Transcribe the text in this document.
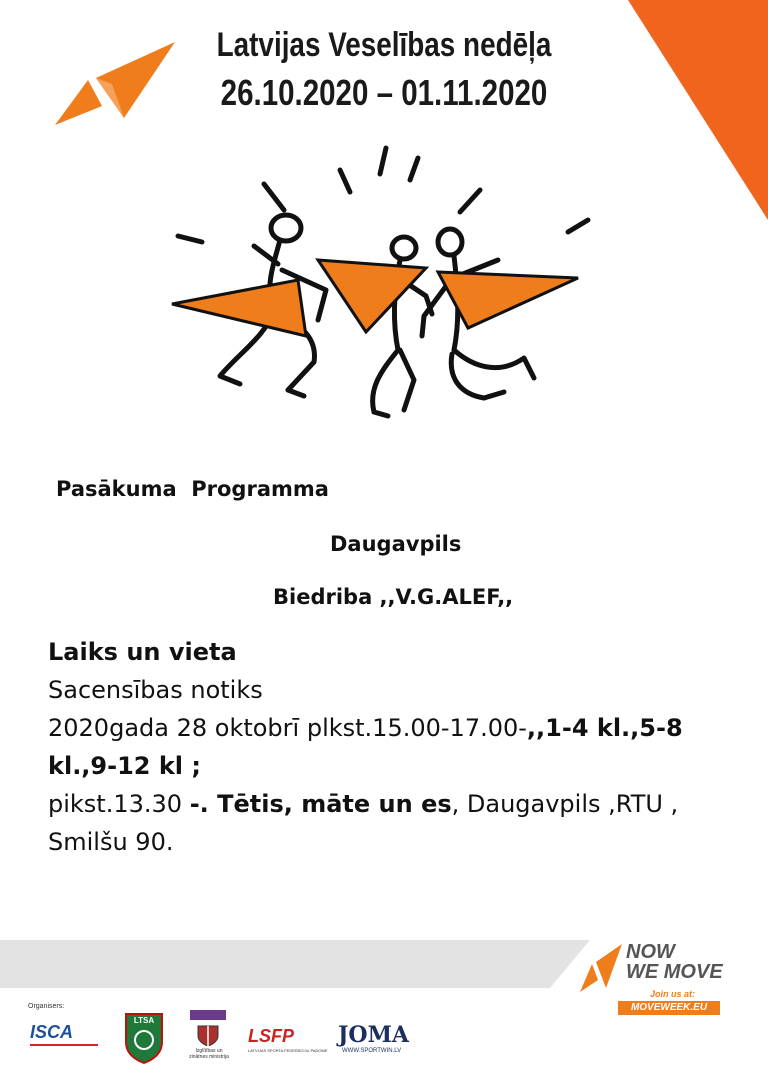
Latvijas Veselības nedēļa
26.10.2020 – 01.11.2020
Pasākuma  Programma
Daugavpils
Biedriba ,,V.G.ALEF,,
Laiks un vieta
Sacensības notiks
2020gada 28 oktobrī plkst.15.00-17.00-,,1-4 kl.,5-8
kl.,9-12 kl ;
pikst.13.30 -. Tētis, māte un es, Daugavpils ,RTU ,
Smilšu 90.
NOW
WE MOVE
Join us at:
MOVEWEEK.EU
Organisers:
ISCA
LTSA
Izglītības un zinātnes ministrija
LSFP
LATVIJAS SPORTA FEDERĀCIJU PADOME
JOMA
WWW.SPORTWIN.LV
